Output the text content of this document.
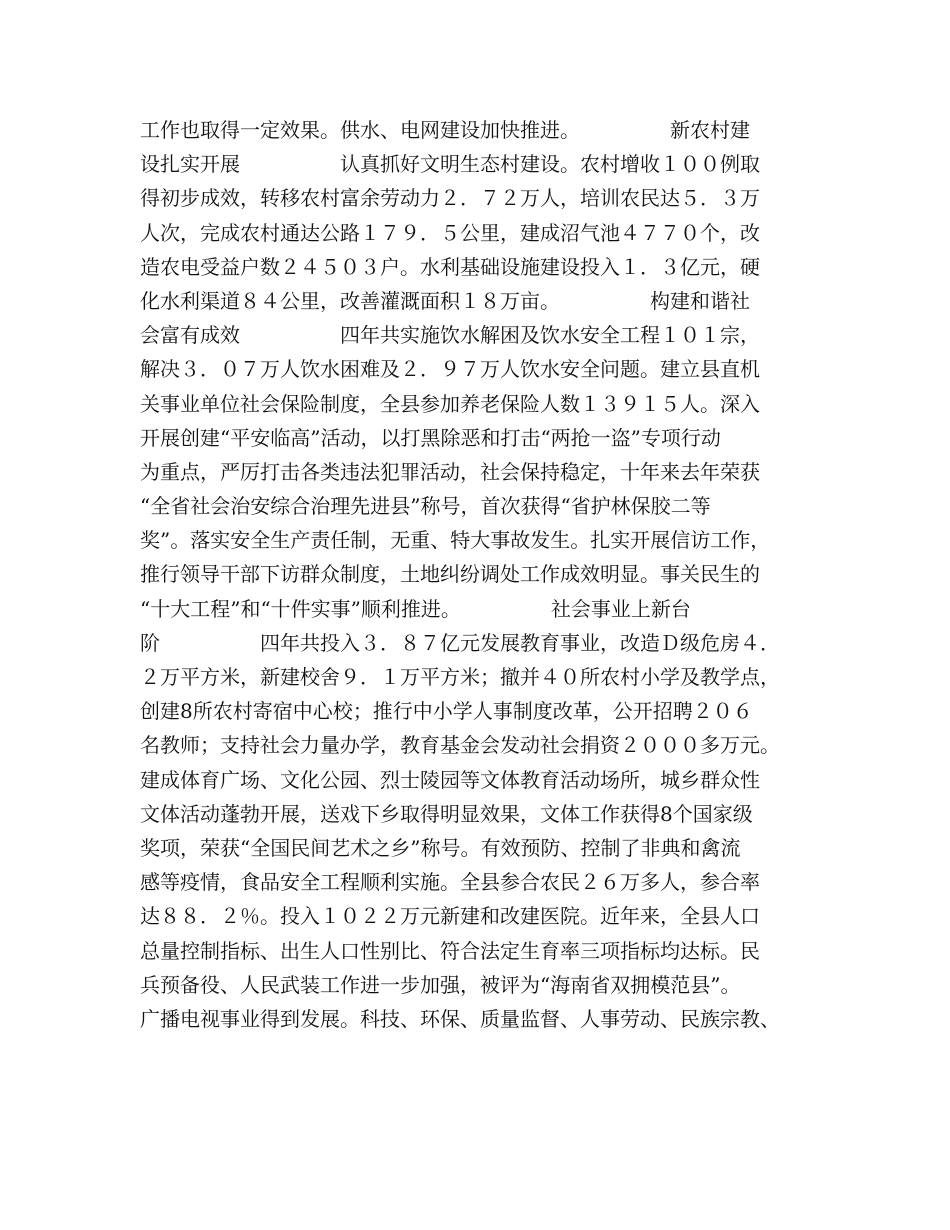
工作也取得一定效果。供水、电网建设加快推进。　　　　　新农村建
设扎实开展　　　　　认真抓好文明生态村建设。农村增收１００例取
得初步成效，转移农村富余劳动力２．７２万人，培训农民达５．３万
人次，完成农村通达公路１７９．５公里，建成沼气池４７７０个，改
造农电受益户数２４５０３户。水利基础设施建设投入１．３亿元，硬
化水利渠道８４公里，改善灌溉面积１８万亩。　　　　　构建和谐社
会富有成效　　　　　四年共实施饮水解困及饮水安全工程１０１宗，
解决３．０７万人饮水困难及２．９７万人饮水安全问题。建立县直机
关事业单位社会保险制度，全县参加养老保险人数１３９１５人。深入
开展创建“平安临高”活动，以打黑除恶和打击“两抢一盗”专项行动
为重点，严厉打击各类违法犯罪活动，社会保持稳定，十年来去年荣获
“全省社会治安综合治理先进县”称号，首次获得“省护林保胶二等
奖”。落实安全生产责任制，无重、特大事故发生。扎实开展信访工作，
推行领导干部下访群众制度，土地纠纷调处工作成效明显。事关民生的
“十大工程”和“十件实事”顺利推进。　　　　　社会事业上新台
阶　　　　　四年共投入３．８７亿元发展教育事业，改造Ｄ级危房４．
２万平方米，新建校舍９．１万平方米；撤并４０所农村小学及教学点，
创建8所农村寄宿中心校；推行中小学人事制度改革，公开招聘２０６
名教师；支持社会力量办学，教育基金会发动社会捐资２０００多万元。
建成体育广场、文化公园、烈士陵园等文体教育活动场所，城乡群众性
文体活动蓬勃开展，送戏下乡取得明显效果，文体工作获得8个国家级
奖项，荣获“全国民间艺术之乡”称号。有效预防、控制了非典和禽流
感等疫情，食品安全工程顺利实施。全县参合农民２６万多人，参合率
达８８．２％。投入１０２２万元新建和改建医院。近年来，全县人口
总量控制指标、出生人口性别比、符合法定生育率三项指标均达标。民
兵预备役、人民武装工作进一步加强，被评为“海南省双拥模范县”。
广播电视事业得到发展。科技、环保、质量监督、人事劳动、民族宗教、
